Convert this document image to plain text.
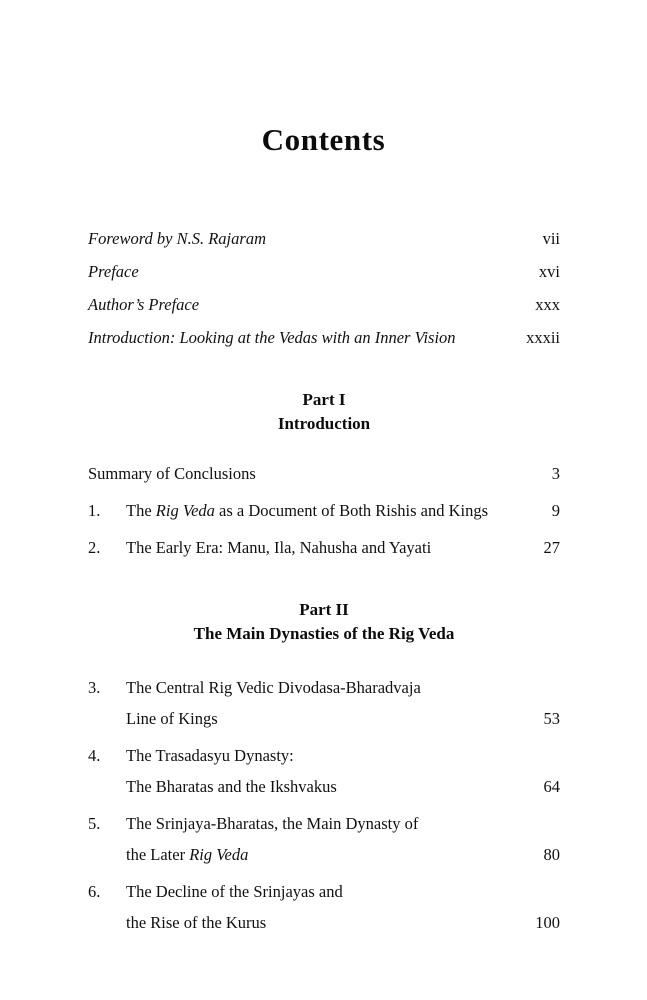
Contents
Foreword by N.S. Rajaram	vii
Preface	xvi
Author’s Preface	xxx
Introduction: Looking at the Vedas with an Inner Vision	xxxii
Part I
Introduction
Summary of Conclusions	3
1.	The Rig Veda as a Document of Both Rishis and Kings	9
2.	The Early Era: Manu, Ila, Nahusha and Yayati	27
Part II
The Main Dynasties of the Rig Veda
3.	The Central Rig Vedic Divodasa-Bharadvaja
Line of Kings	53
4.	The Trasadasyu Dynasty:
The Bharatas and the Ikshvakus	64
5.	The Srinjaya-Bharatas, the Main Dynasty of
the Later Rig Veda	80
6.	The Decline of the Srinjayas and
the Rise of the Kurus	100
